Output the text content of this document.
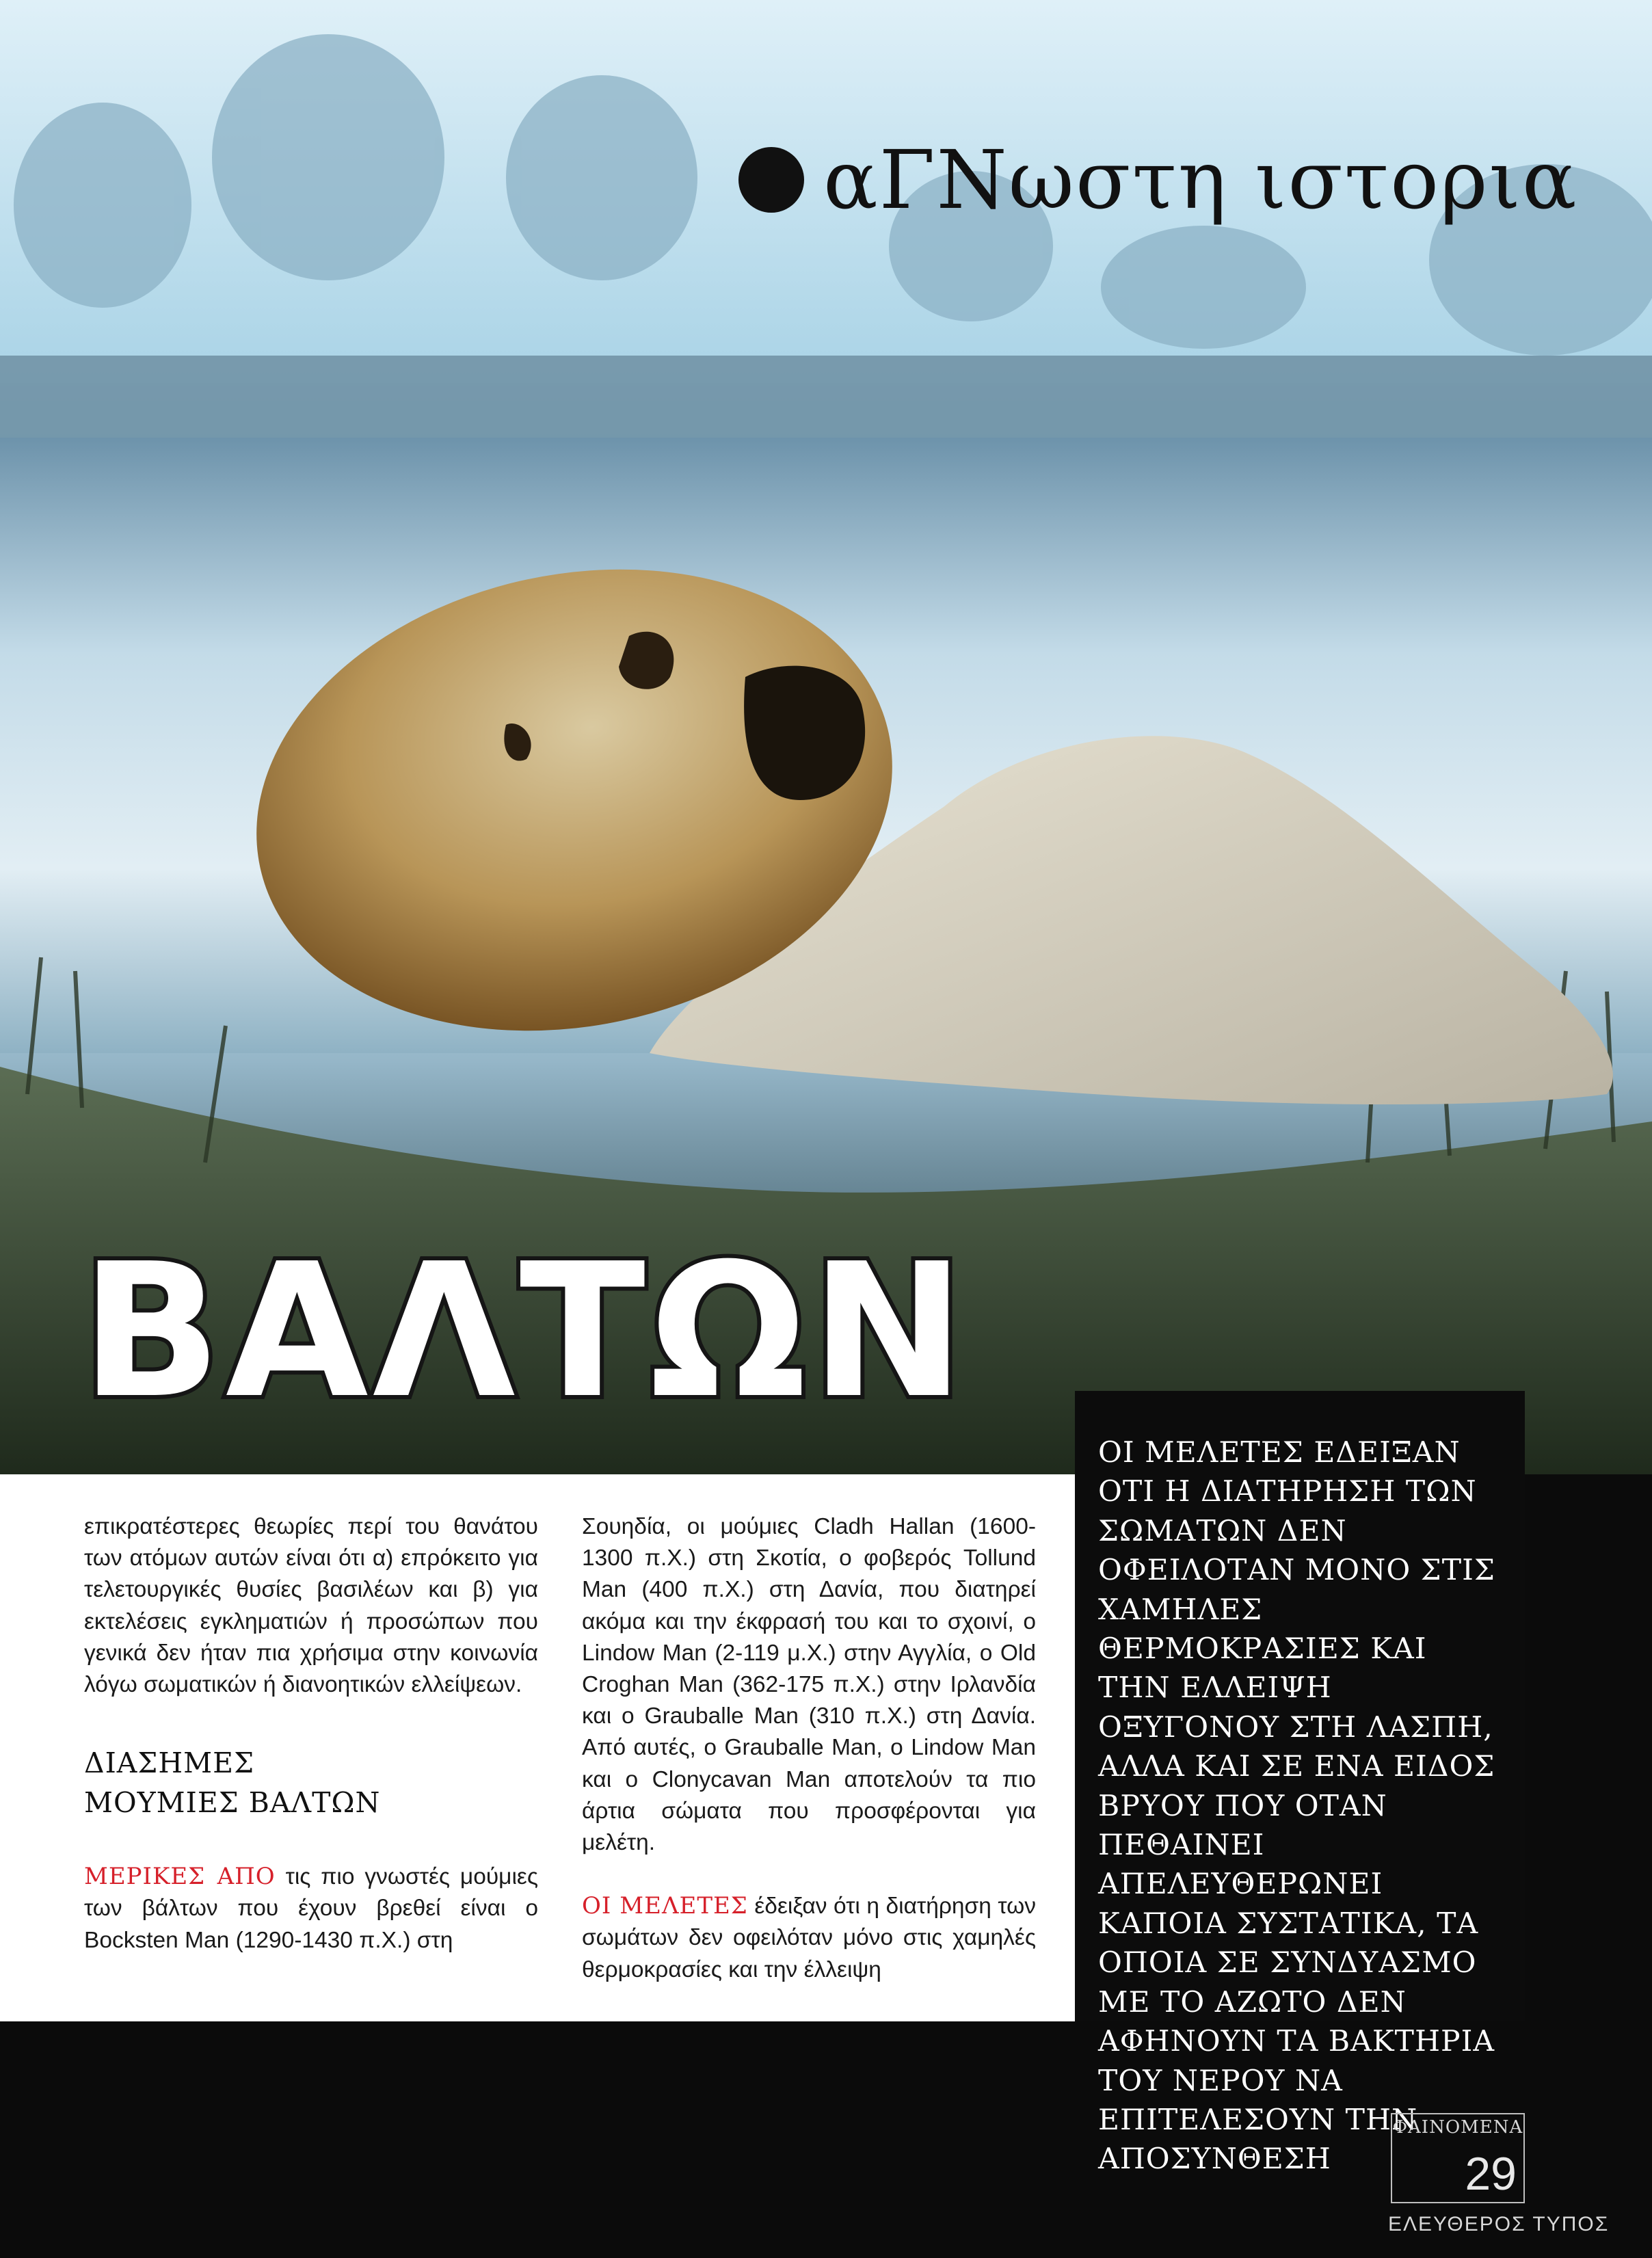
αΓΝωστη ιστορια
ΒΑΛΤΩΝ

επικρατέστερες θεωρίες περί του θανάτου των ατόμων αυτών είναι ότι α) επρόκειτο για τελετουργικές θυσίες βασιλέων και β) για εκτελέσεις εγκληματιών ή προσώπων που γενικά δεν ήταν πια χρήσιμα στην κοινωνία λόγω σωματικών ή διανοητικών ελλείψεων.

ΔΙΑΣΗΜΕΣ
ΜΟΥΜΙΕΣ ΒΑΛΤΩΝ

ΜΕΡΙΚΕΣ ΑΠΟ τις πιο γνωστές μούμιες των βάλτων που έχουν βρεθεί είναι ο Bocksten Man (1290-1430 π.Χ.) στη

Σουηδία, οι μούμιες Cladh Hallan (1600-1300 π.Χ.) στη Σκοτία, ο φοβερός Tollund Man (400 π.Χ.) στη Δανία, που διατηρεί ακόμα και την έκφρασή του και το σχοινί, ο Lindow Man (2-119 μ.Χ.) στην Αγγλία, ο Old Croghan Man (362-175 π.Χ.) στην Ιρλανδία και ο Grauballe Man (310 π.Χ.) στη Δανία. Από αυτές, ο Grauballe Man, ο Lindow Man και ο Clonycavan Man αποτελούν τα πιο άρτια σώματα που προσφέρονται για μελέτη.

ΟΙ ΜΕΛΕΤΕΣ έδειξαν ότι η διατήρηση των σωμάτων δεν οφειλόταν μόνο στις χαμηλές θερμοκρασίες και την έλλειψη

ΟΙ ΜΕΛΕΤΕΣ ΕΔΕΙΞΑΝ ΟΤΙ Η ΔΙΑΤΗΡΗΣΗ ΤΩΝ ΣΩΜΑΤΩΝ ΔΕΝ ΟΦΕΙΛΟΤΑΝ ΜΟΝΟ ΣΤΙΣ ΧΑΜΗΛΕΣ ΘΕΡΜΟΚΡΑΣΙΕΣ ΚΑΙ ΤΗΝ ΕΛΛΕΙΨΗ ΟΞΥΓΟΝΟΥ ΣΤΗ ΛΑΣΠΗ, ΑΛΛΑ ΚΑΙ ΣΕ ΕΝΑ ΕΙΔΟΣ ΒΡΥΟΥ ΠΟΥ ΟΤΑΝ ΠΕΘΑΙΝΕΙ ΑΠΕΛΕΥΘΕΡΩΝΕΙ ΚΑΠΟΙΑ ΣΥΣΤΑΤΙΚΑ, ΤΑ ΟΠΟΙΑ ΣΕ ΣΥΝΔΥΑΣΜΟ ΜΕ ΤΟ ΑΖΩΤΟ ΔΕΝ ΑΦΗΝΟΥΝ ΤΑ ΒΑΚΤΗΡΙΑ ΤΟΥ ΝΕΡΟΥ ΝΑ ΕΠΙΤΕΛΕΣΟΥΝ ΤΗΝ ΑΠΟΣΥΝΘΕΣΗ
ΦΑΙΝΟΜΕΝΑ
29
ΕΛΕΥΘΕΡΟΣ ΤΥΠΟΣ
